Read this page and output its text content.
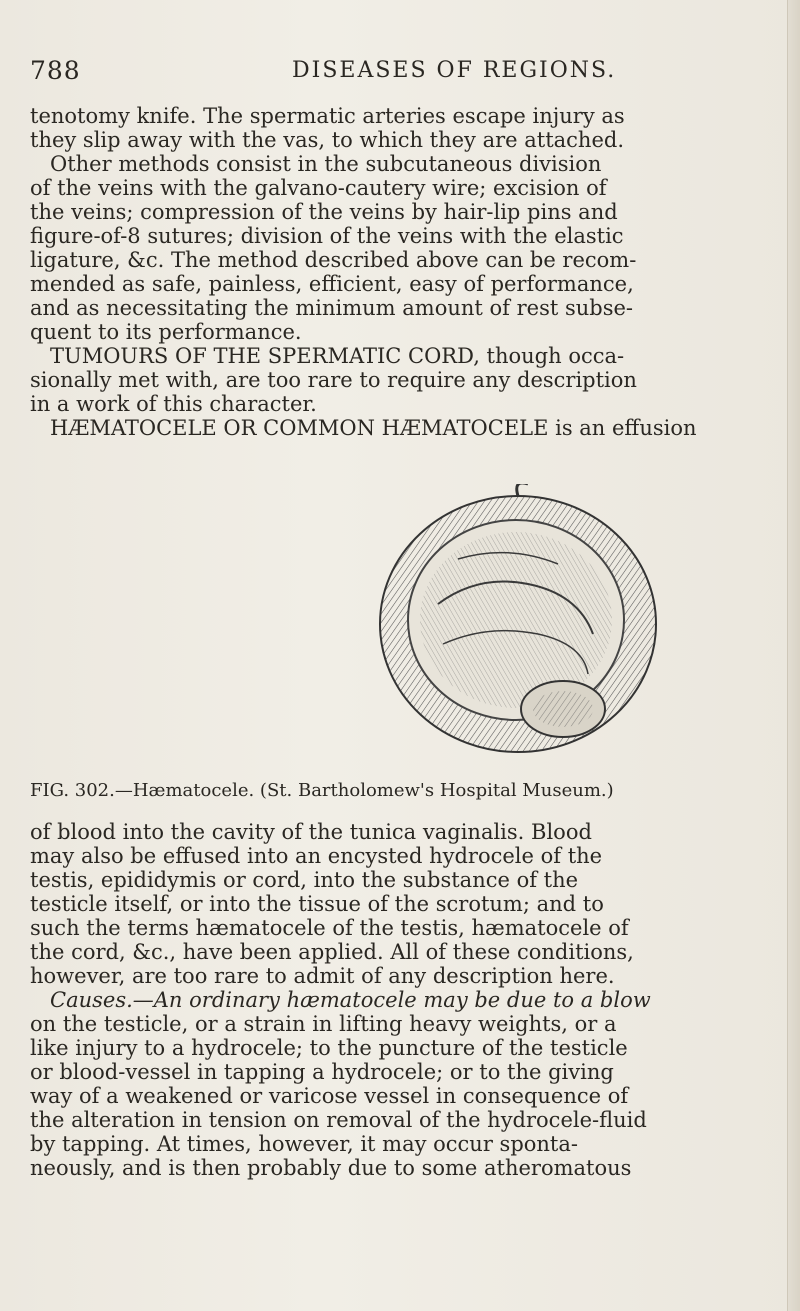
788	DISEASES OF REGIONS.
tenotomy knife. The spermatic arteries escape injury as
they slip away with the vas, to which they are attached.
Other methods consist in the subcutaneous division
of the veins with the galvano-cautery wire; excision of
the veins; compression of the veins by hair-lip pins and
figure-of-8 sutures; division of the veins with the elastic
ligature, &c. The method described above can be recom-
mended as safe, painless, efficient, easy of performance,
and as necessitating the minimum amount of rest subse-
quent to its performance.
TUMOURS OF THE SPERMATIC CORD, though occa-
sionally met with, are too rare to require any description
in a work of this character.
HÆMATOCELE OR COMMON HÆMATOCELE is an effusion
FIG. 302.—Hæmatocele. (St. Bartholomew's Hospital Museum.)
of blood into the cavity of the tunica vaginalis. Blood
may also be effused into an encysted hydrocele of the
testis, epididymis or cord, into the substance of the
testicle itself, or into the tissue of the scrotum; and to
such the terms hæmatocele of the testis, hæmatocele of
the cord, &c., have been applied. All of these conditions,
however, are too rare to admit of any description here.
Causes.—An ordinary hæmatocele may be due to a blow
on the testicle, or a strain in lifting heavy weights, or a
like injury to a hydrocele; to the puncture of the testicle
or blood-vessel in tapping a hydrocele; or to the giving
way of a weakened or varicose vessel in consequence of
the alteration in tension on removal of the hydrocele-fluid
by tapping. At times, however, it may occur sponta-
neously, and is then probably due to some atheromatous
